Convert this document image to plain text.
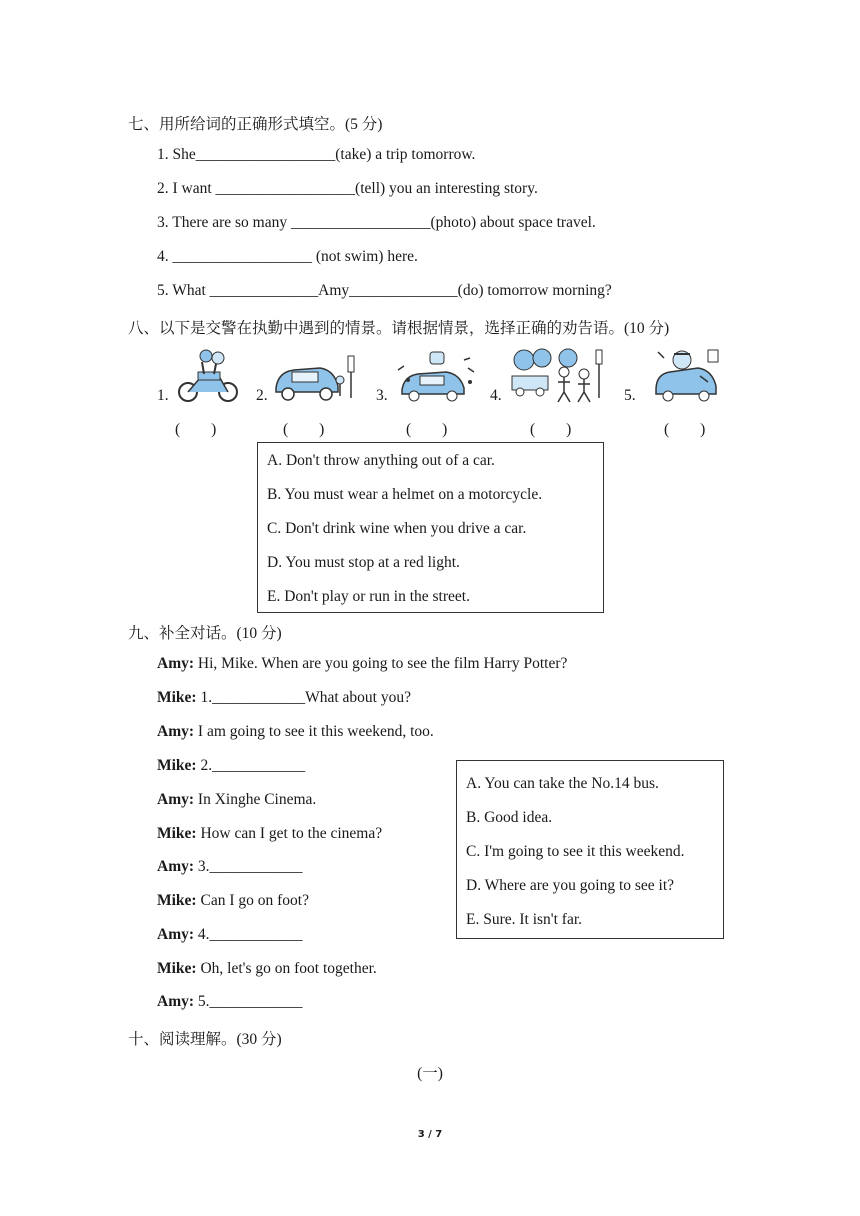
七、用所给词的正确形式填空。(5 分)
1. She__________________(take) a trip tomorrow.
2. I want __________________(tell) you an interesting story.
3. There are so many __________________(photo) about space travel.
4. __________________ (not swim) here.
5. What ______________Amy______________(do) tomorrow morning?
八、以下是交警在执勤中遇到的情景。请根据情景，选择正确的劝告语。(10 分)
1.
(　　)
2.
(　　)
3.
(　　)
4.
(　　)
5.
(　　)
A. Don't throw anything out of a car.
B. You must wear a helmet on a motorcycle.
C. Don't drink wine when you drive a car.
D. You must stop at a red light.
E. Don't play or run in the street.
九、补全对话。(10 分)
Amy: Hi, Mike. When are you going to see the film Harry Potter?
Mike: 1.____________What about you?
Amy: I am going to see it this weekend, too.
Mike: 2.____________
Amy: In Xinghe Cinema.
Mike: How can I get to the cinema?
Amy: 3.____________
Mike: Can I go on foot?
Amy: 4.____________
Mike: Oh, let's go on foot together.
Amy: 5.____________
A. You can take the No.14 bus.
B. Good idea.
C. I'm going to see it this weekend.
D. Where are you going to see it?
E. Sure. It isn't far.
十、阅读理解。(30 分)
(一)
3 / 7
